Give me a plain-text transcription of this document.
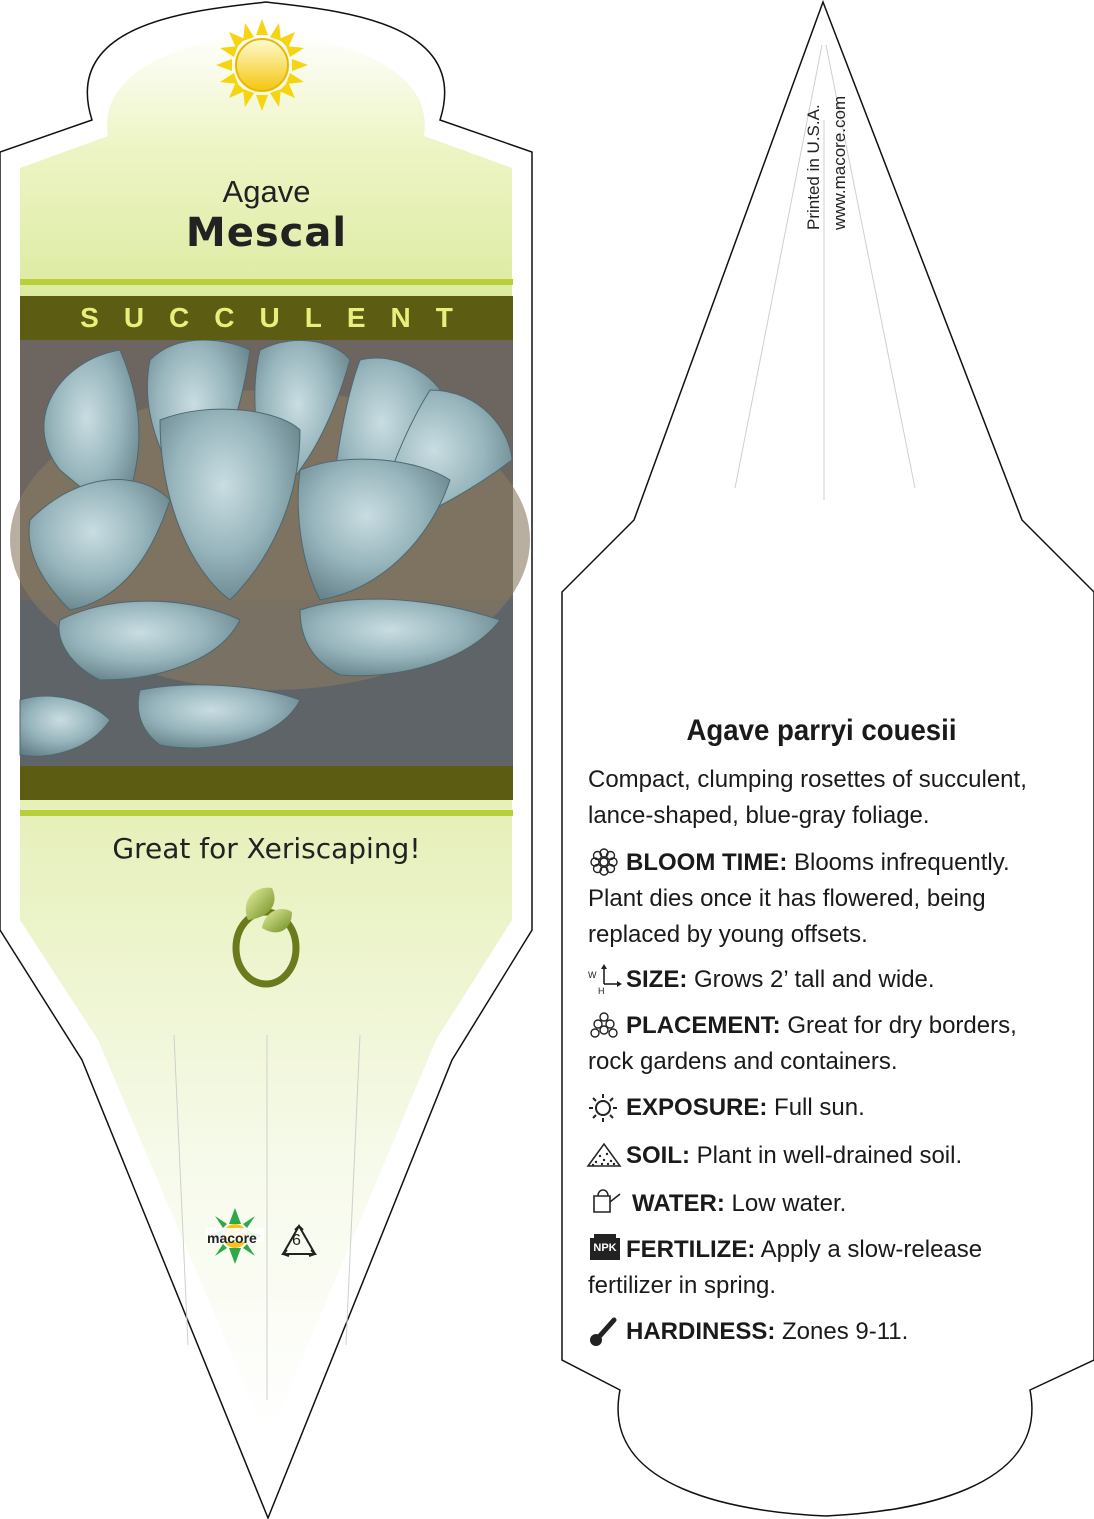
Agave
Mescal
SUCCULENT
Great for Xeriscaping!
macore 6
Printed in U.S.A. www.macore.com
Agave parryi couesii
Compact, clumping rosettes of succulent, lance-shaped, blue-gray foliage.
BLOOM TIME: Blooms infrequently. Plant dies once it has flowered, being replaced by young offsets.
SIZE: Grows 2’ tall and wide.
W
H
PLACEMENT: Great for dry borders, rock gardens and containers.
EXPOSURE: Full sun.
SOIL: Plant in well-drained soil.
WATER: Low water.
NPK FERTILIZE: Apply a slow-release fertilizer in spring.
HARDINESS: Zones 9-11.
